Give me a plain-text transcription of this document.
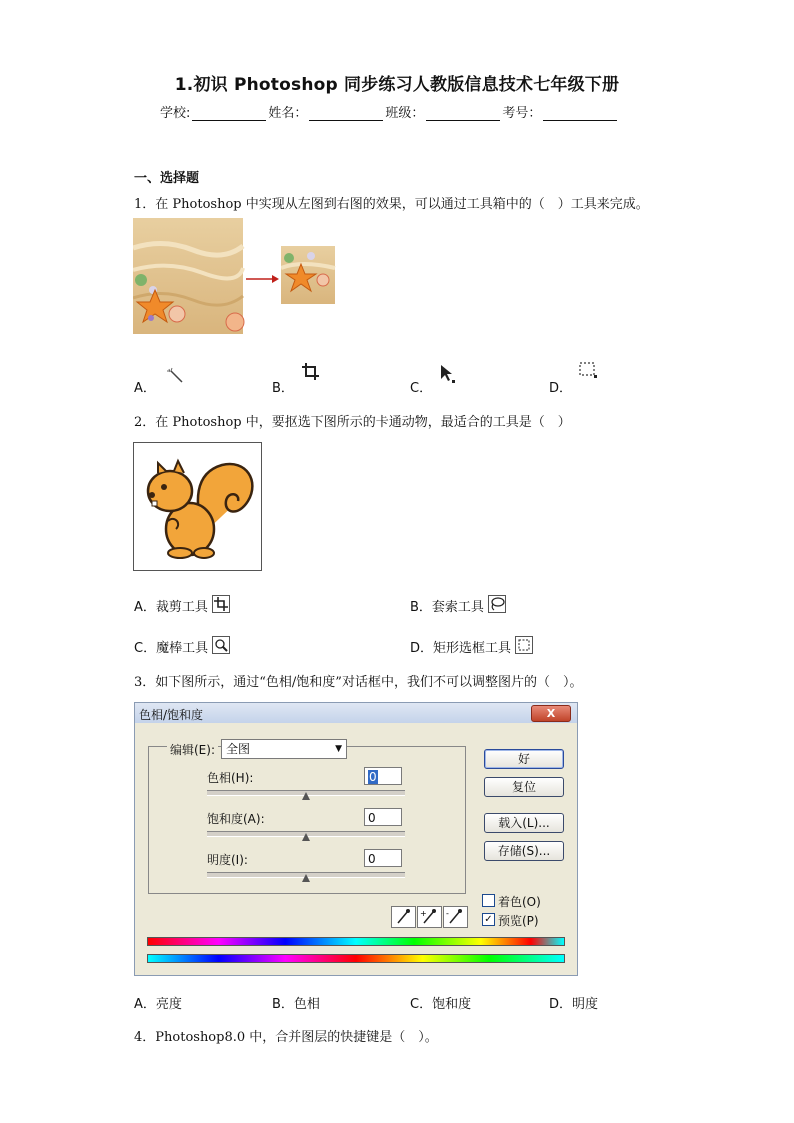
1.初识 Photoshop 同步练习人教版信息技术七年级下册
学校:	姓名：	班级：	考号：
一、选择题
1．在 Photoshop 中实现从左图到右图的效果，可以通过工具箱中的（　）工具来完成。
A．	B．	C．	D．
2．在 Photoshop 中，要抠选下图所示的卡通动物，最适合的工具是（　）
A．裁剪工具	B．套索工具
C．魔棒工具	D．矩形选框工具
3．如下图所示，通过“色相/饱和度”对话框中，我们不可以调整图片的（　）。
色相/饱和度	X
编辑(E): 全图	▼
色相(H):	0
饱和度(A):	0
明度(I):	0
好
复位
载入(L)...
存储(S)...
着色(O)
✓ 预览(P)
+ -
A．亮度	B．色相	C．饱和度	D．明度
4．Photoshop8.0 中，合并图层的快捷键是（　）。
